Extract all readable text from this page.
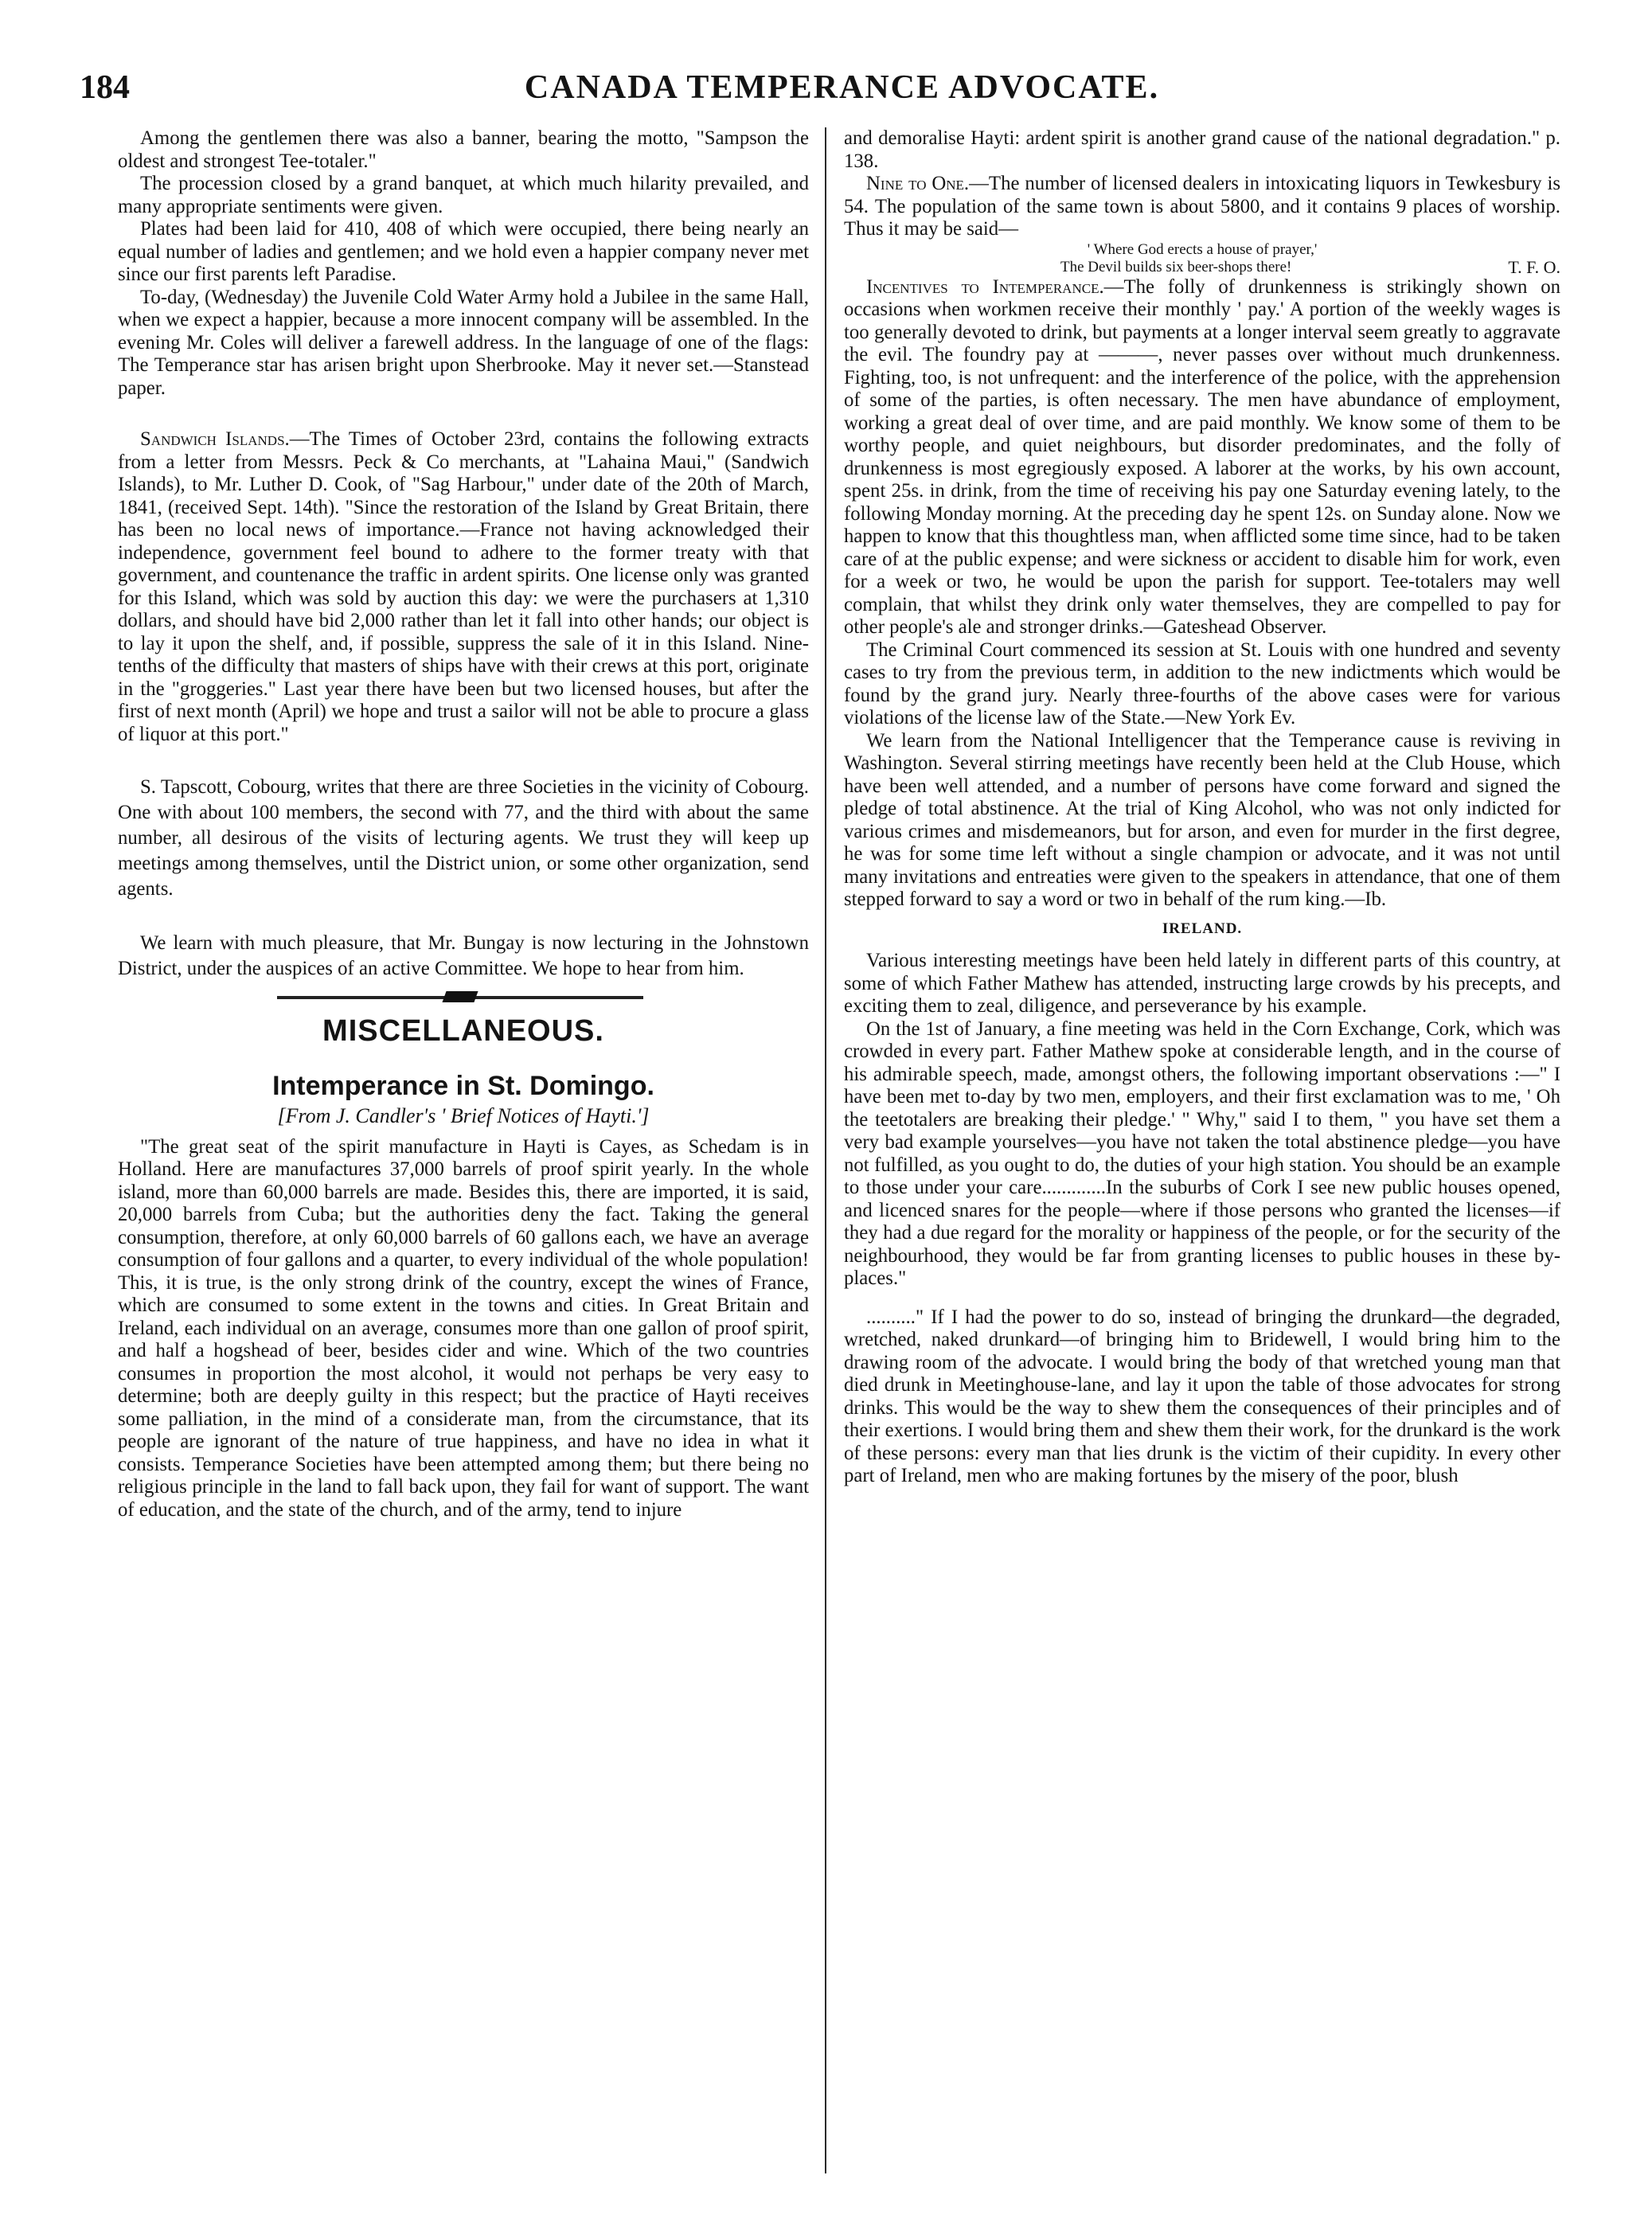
184	CANADA TEMPERANCE ADVOCATE.

Among the gentlemen there was also a banner, bearing the motto, "Sampson the oldest and strongest Tee-totaler."

The procession closed by a grand banquet, at which much hilarity prevailed, and many appropriate sentiments were given.

Plates had been laid for 410, 408 of which were occupied, there being nearly an equal number of ladies and gentlemen; and we hold even a happier company never met since our first parents left Paradise.

To-day, (Wednesday) the Juvenile Cold Water Army hold a Jubilee in the same Hall, when we expect a happier, because a more innocent company will be assembled. In the evening Mr. Coles will deliver a farewell address. In the language of one of the flags: The Temperance star has arisen bright upon Sherbrooke. May it never set.—Stanstead paper.

Sandwich Islands.—The Times of October 23rd, contains the following extracts from a letter from Messrs. Peck & Co merchants, at "Lahaina Maui," (Sandwich Islands), to Mr. Luther D. Cook, of "Sag Harbour," under date of the 20th of March, 1841, (received Sept. 14th). "Since the restoration of the Island by Great Britain, there has been no local news of importance.—France not having acknowledged their independence, government feel bound to adhere to the former treaty with that government, and countenance the traffic in ardent spirits. One license only was granted for this Island, which was sold by auction this day: we were the purchasers at 1,310 dollars, and should have bid 2,000 rather than let it fall into other hands; our object is to lay it upon the shelf, and, if possible, suppress the sale of it in this Island. Nine-tenths of the difficulty that masters of ships have with their crews at this port, originate in the "groggeries." Last year there have been but two licensed houses, but after the first of next month (April) we hope and trust a sailor will not be able to procure a glass of liquor at this port."

S. Tapscott, Cobourg, writes that there are three Societies in the vicinity of Cobourg. One with about 100 members, the second with 77, and the third with about the same number, all desirous of the visits of lecturing agents. We trust they will keep up meetings among themselves, until the District union, or some other organization, send agents.

We learn with much pleasure, that Mr. Bungay is now lecturing in the Johnstown District, under the auspices of an active Committee. We hope to hear from him.

MISCELLANEOUS.
Intemperance in St. Domingo.
[From J. Candler's ' Brief Notices of Hayti.']

"The great seat of the spirit manufacture in Hayti is Cayes, as Schedam is in Holland. Here are manufactures 37,000 barrels of proof spirit yearly. In the whole island, more than 60,000 barrels are made. Besides this, there are imported, it is said, 20,000 barrels from Cuba; but the authorities deny the fact. Taking the general consumption, therefore, at only 60,000 barrels of 60 gallons each, we have an average consumption of four gallons and a quarter, to every individual of the whole population! This, it is true, is the only strong drink of the country, except the wines of France, which are consumed to some extent in the towns and cities. In Great Britain and Ireland, each individual on an average, consumes more than one gallon of proof spirit, and half a hogshead of beer, besides cider and wine. Which of the two countries consumes in proportion the most alcohol, it would not perhaps be very easy to determine; both are deeply guilty in this respect; but the practice of Hayti receives some palliation, in the mind of a considerate man, from the circumstance, that its people are ignorant of the nature of true happiness, and have no idea in what it consists. Temperance Societies have been attempted among them; but there being no religious principle in the land to fall back upon, they fail for want of support. The want of education, and the state of the church, and of the army, tend to injure

and demoralise Hayti: ardent spirit is another grand cause of the national degradation." p. 138.

Nine to One.—The number of licensed dealers in intoxicating liquors in Tewkesbury is 54. The population of the same town is about 5800, and it contains 9 places of worship. Thus it may be said—

' Where God erects a house of prayer,'
The Devil builds six beer-shops there!	T. F. O.

Incentives to Intemperance.—The folly of drunkenness is strikingly shown on occasions when workmen receive their monthly ' pay.' A portion of the weekly wages is too generally devoted to drink, but payments at a longer interval seem greatly to aggravate the evil. The foundry pay at ———, never passes over without much drunkenness. Fighting, too, is not unfrequent: and the interference of the police, with the apprehension of some of the parties, is often necessary. The men have abundance of employment, working a great deal of over time, and are paid monthly. We know some of them to be worthy people, and quiet neighbours, but disorder predominates, and the folly of drunkenness is most egregiously exposed. A laborer at the works, by his own account, spent 25s. in drink, from the time of receiving his pay one Saturday evening lately, to the following Monday morning. At the preceding day he spent 12s. on Sunday alone. Now we happen to know that this thoughtless man, when afflicted some time since, had to be taken care of at the public expense; and were sickness or accident to disable him for work, even for a week or two, he would be upon the parish for support. Tee-totalers may well complain, that whilst they drink only water themselves, they are compelled to pay for other people's ale and stronger drinks.—Gateshead Observer.

The Criminal Court commenced its session at St. Louis with one hundred and seventy cases to try from the previous term, in addition to the new indictments which would be found by the grand jury. Nearly three-fourths of the above cases were for various violations of the license law of the State.—New York Ev.

We learn from the National Intelligencer that the Temperance cause is reviving in Washington. Several stirring meetings have recently been held at the Club House, which have been well attended, and a number of persons have come forward and signed the pledge of total abstinence. At the trial of King Alcohol, who was not only indicted for various crimes and misdemeanors, but for arson, and even for murder in the first degree, he was for some time left without a single champion or advocate, and it was not until many invitations and entreaties were given to the speakers in attendance, that one of them stepped forward to say a word or two in behalf of the rum king.—Ib.

IRELAND.

Various interesting meetings have been held lately in different parts of this country, at some of which Father Mathew has attended, instructing large crowds by his precepts, and exciting them to zeal, diligence, and perseverance by his example.

On the 1st of January, a fine meeting was held in the Corn Exchange, Cork, which was crowded in every part. Father Mathew spoke at considerable length, and in the course of his admirable speech, made, amongst others, the following important observations :—" I have been met to-day by two men, employers, and their first exclamation was to me, ' Oh the teetotalers are breaking their pledge.' " Why," said I to them, " you have set them a very bad example yourselves—you have not taken the total abstinence pledge—you have not fulfilled, as you ought to do, the duties of your high station. You should be an example to those under your care.............In the suburbs of Cork I see new public houses opened, and licenced snares for the people—where if those persons who granted the licenses—if they had a due regard for the morality or happiness of the people, or for the security of the neighbourhood, they would be far from granting licenses to public houses in these by-places."

.........." If I had the power to do so, instead of bringing the drunkard—the degraded, wretched, naked drunkard—of bringing him to Bridewell, I would bring him to the drawing room of the advocate. I would bring the body of that wretched young man that died drunk in Meetinghouse-lane, and lay it upon the table of those advocates for strong drinks. This would be the way to shew them the consequences of their principles and of their exertions. I would bring them and shew them their work, for the drunkard is the work of these persons: every man that lies drunk is the victim of their cupidity. In every other part of Ireland, men who are making fortunes by the misery of the poor, blush
